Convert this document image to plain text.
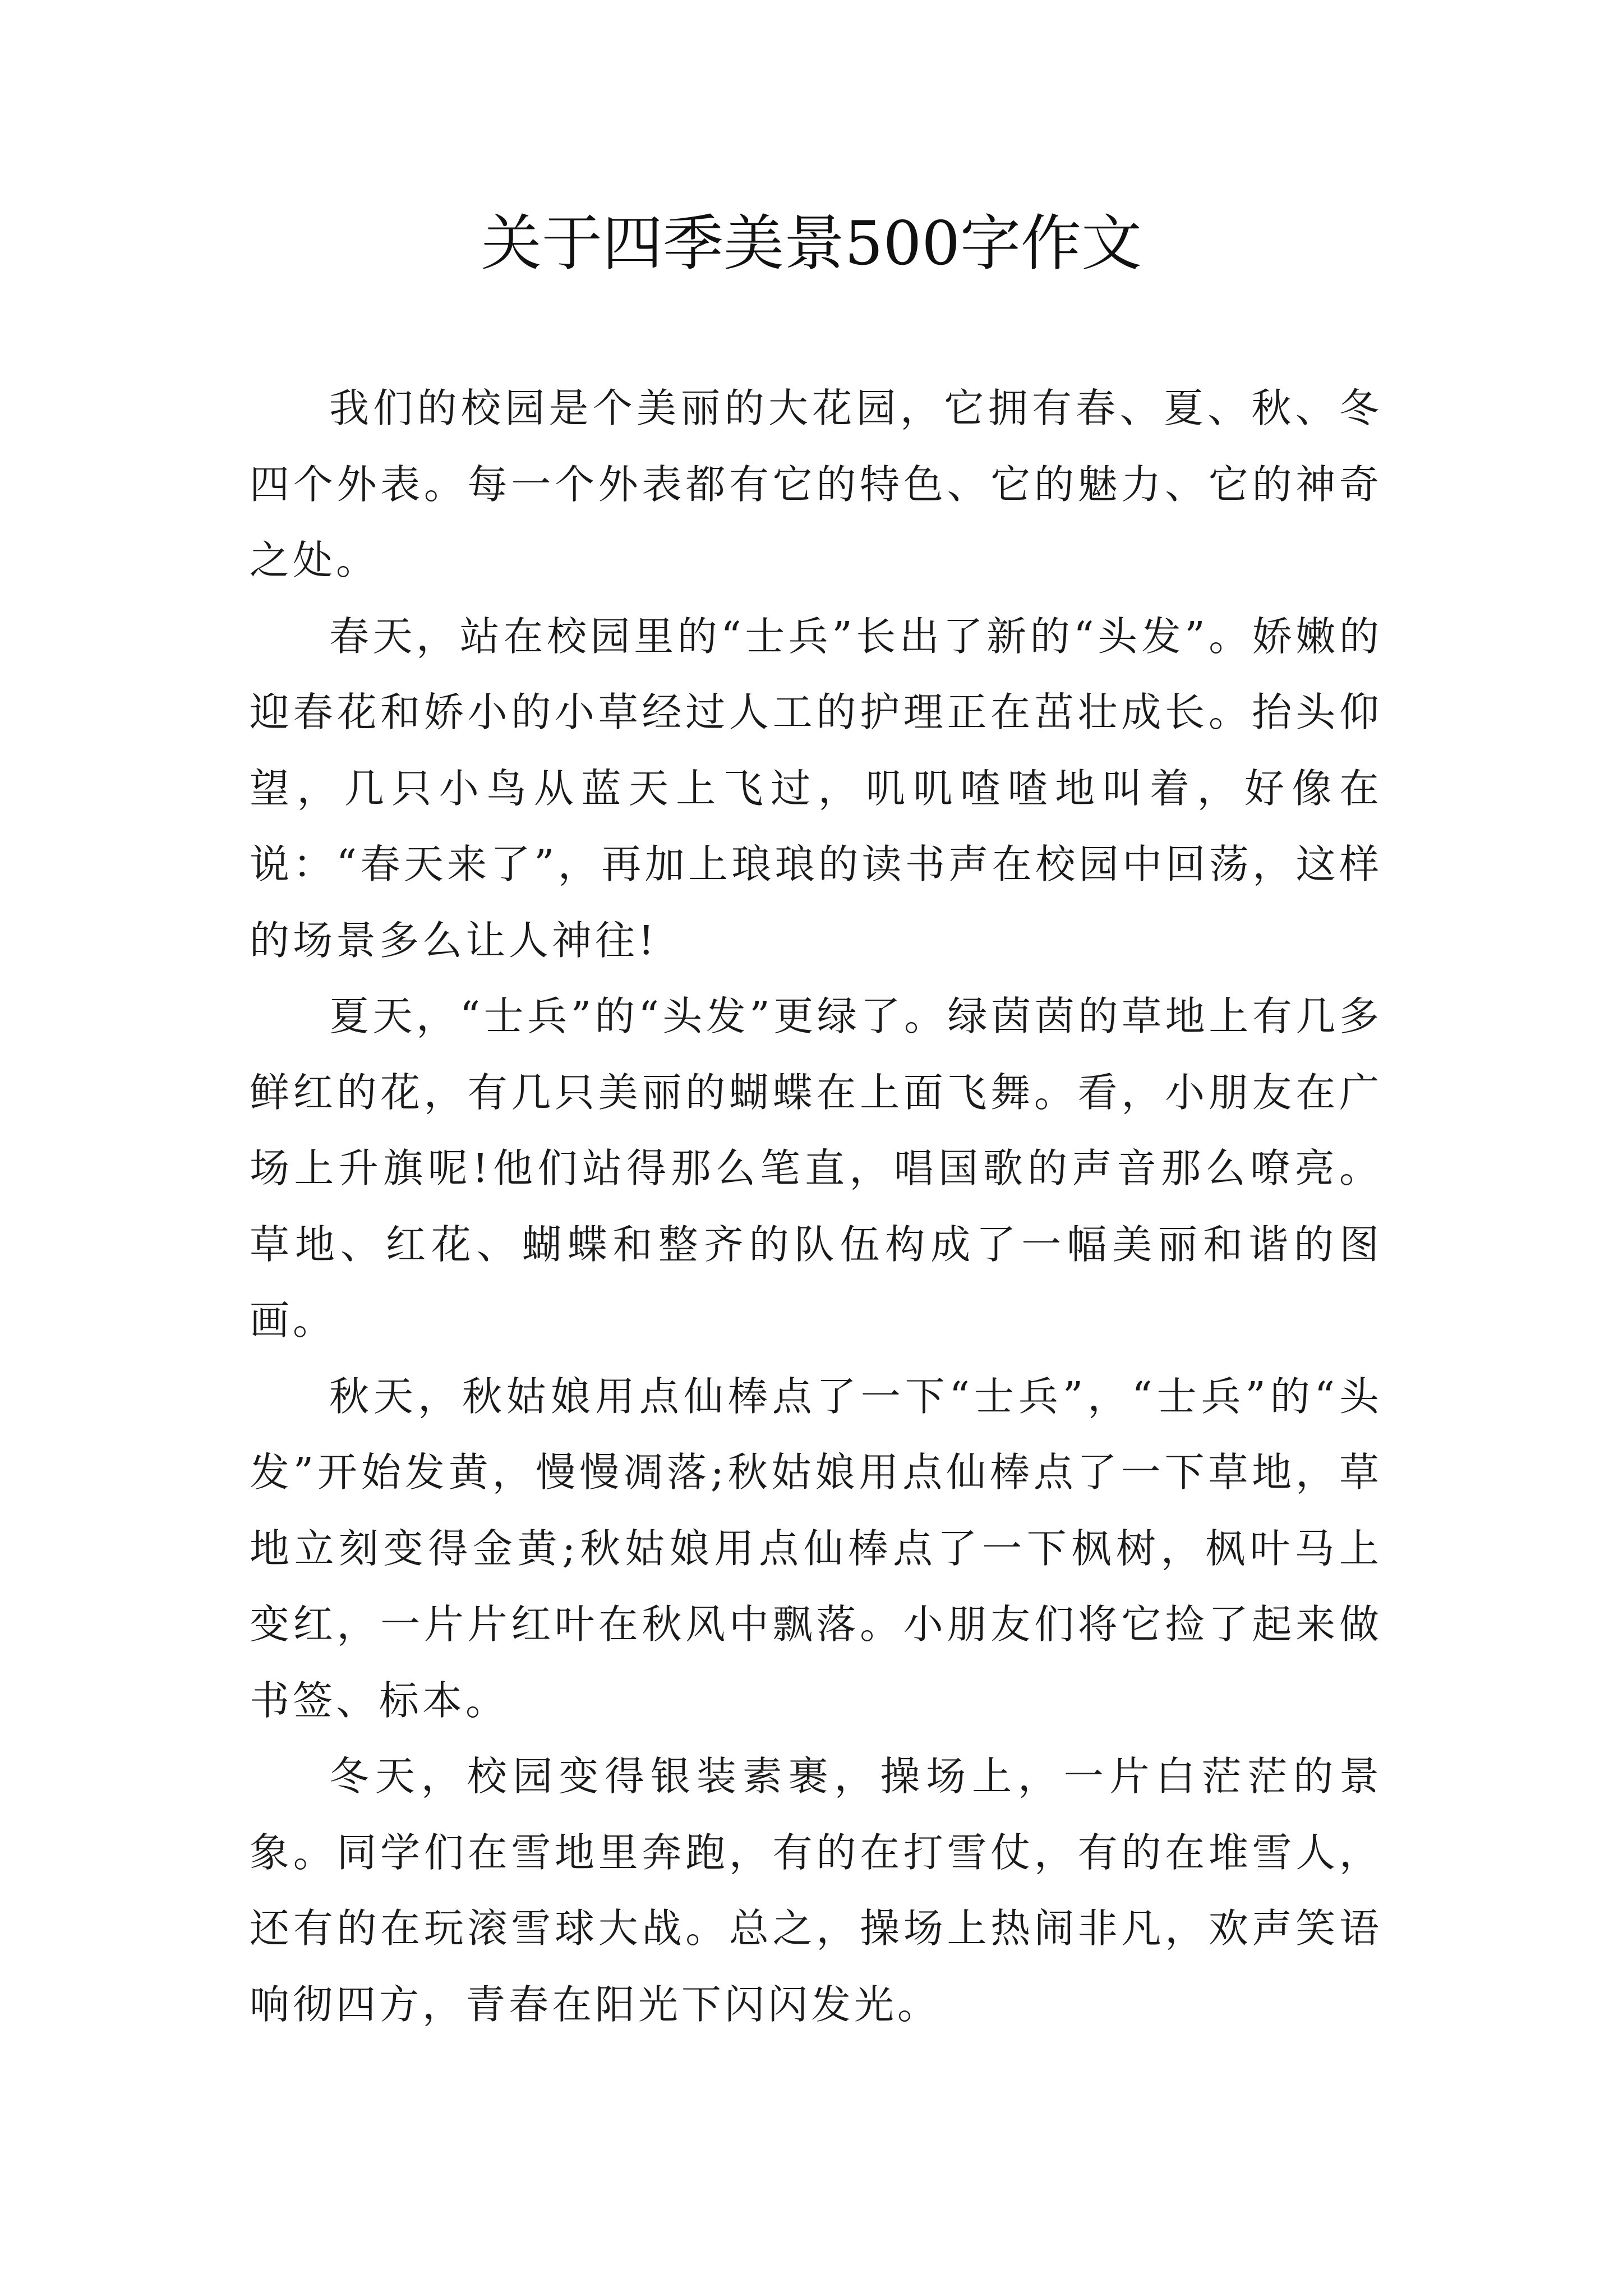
关于四季美景500字作文

我们的校园是个美丽的大花园，它拥有春、夏、秋、冬四个外表。每一个外表都有它的特色、它的魅力、它的神奇之处。

春天，站在校园里的“士兵”长出了新的“头发”。娇嫩的迎春花和娇小的小草经过人工的护理正在茁壮成长。抬头仰望，几只小鸟从蓝天上飞过，叽叽喳喳地叫着，好像在说：“春天来了”，再加上琅琅的读书声在校园中回荡，这样的场景多么让人神往!

夏天，“士兵”的“头发”更绿了。绿茵茵的草地上有几多鲜红的花，有几只美丽的蝴蝶在上面飞舞。看，小朋友在广场上升旗呢!他们站得那么笔直，唱国歌的声音那么嘹亮。草地、红花、蝴蝶和整齐的队伍构成了一幅美丽和谐的图画。

秋天，秋姑娘用点仙棒点了一下“士兵”，“士兵”的“头发”开始发黄，慢慢凋落;秋姑娘用点仙棒点了一下草地，草地立刻变得金黄;秋姑娘用点仙棒点了一下枫树，枫叶马上变红，一片片红叶在秋风中飘落。小朋友们将它捡了起来做书签、标本。

冬天，校园变得银装素裹，操场上，一片白茫茫的景象。同学们在雪地里奔跑，有的在打雪仗，有的在堆雪人，还有的在玩滚雪球大战。总之，操场上热闹非凡，欢声笑语响彻四方，青春在阳光下闪闪发光。
